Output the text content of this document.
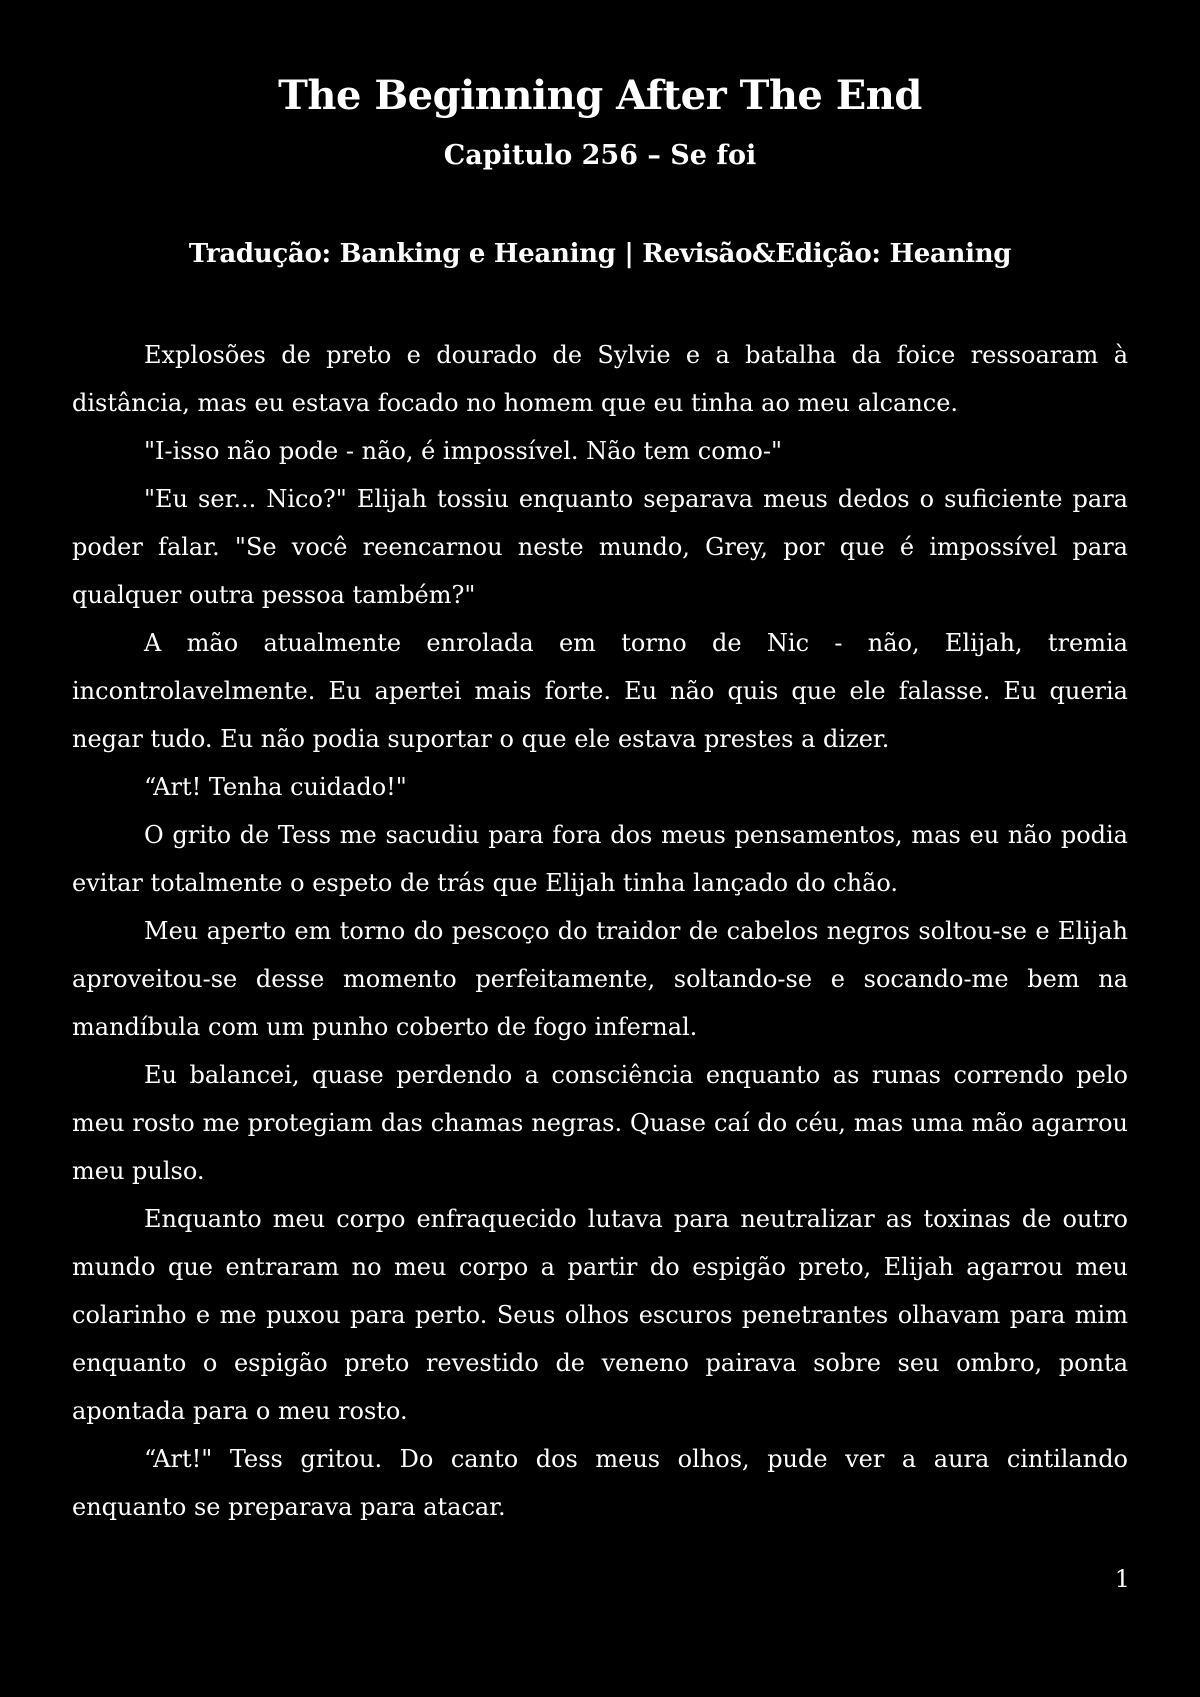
The Beginning After The End
Capitulo 256 – Se foi
Tradução: Banking e Heaning | Revisão&Edição: Heaning

Explosões de preto e dourado de Sylvie e a batalha da foice ressoaram à distância, mas eu estava focado no homem que eu tinha ao meu alcance.

"I-isso não pode - não, é impossível. Não tem como-"

"Eu ser... Nico?" Elijah tossiu enquanto separava meus dedos o suficiente para poder falar. "Se você reencarnou neste mundo, Grey, por que é impossível para qualquer outra pessoa também?"

A mão atualmente enrolada em torno de Nic - não, Elijah, tremia incontrolavelmente. Eu apertei mais forte. Eu não quis que ele falasse. Eu queria negar tudo. Eu não podia suportar o que ele estava prestes a dizer.

“Art! Tenha cuidado!"

O grito de Tess me sacudiu para fora dos meus pensamentos, mas eu não podia evitar totalmente o espeto de trás que Elijah tinha lançado do chão.

Meu aperto em torno do pescoço do traidor de cabelos negros soltou-se e Elijah aproveitou-se desse momento perfeitamente, soltando-se e socando-me bem na mandíbula com um punho coberto de fogo infernal.

Eu balancei, quase perdendo a consciência enquanto as runas correndo pelo meu rosto me protegiam das chamas negras. Quase caí do céu, mas uma mão agarrou meu pulso.

Enquanto meu corpo enfraquecido lutava para neutralizar as toxinas de outro mundo que entraram no meu corpo a partir do espigão preto, Elijah agarrou meu colarinho e me puxou para perto. Seus olhos escuros penetrantes olhavam para mim enquanto o espigão preto revestido de veneno pairava sobre seu ombro, ponta apontada para o meu rosto.

“Art!" Tess gritou. Do canto dos meus olhos, pude ver a aura cintilando enquanto se preparava para atacar.

1
